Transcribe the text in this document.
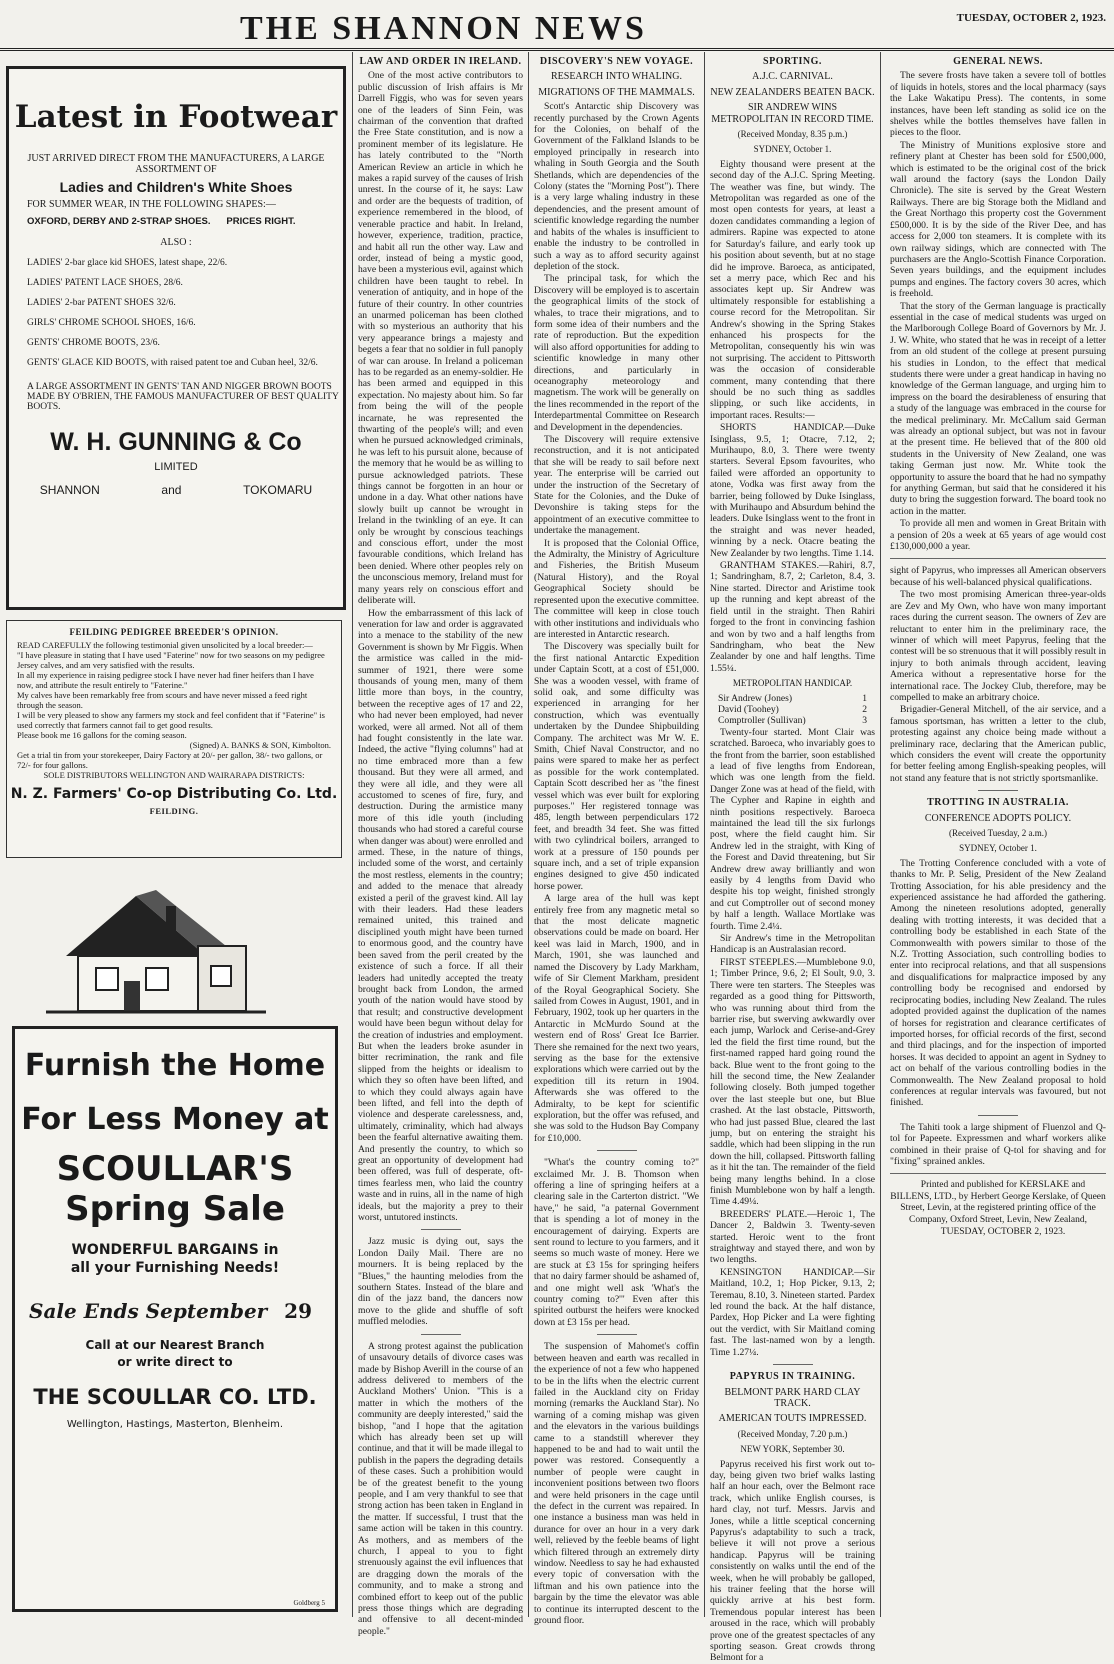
THE SHANNON NEWS	TUESDAY, OCTOBER 2, 1923.
Latest in Footwear
JUST ARRIVED DIRECT FROM THE MANUFACTURERS, A LARGE ASSORTMENT OF
Ladies and Children's White Shoes
FOR SUMMER WEAR, IN THE FOLLOWING SHAPES:—
OXFORD, DERBY AND 2-STRAP SHOES. PRICES RIGHT.
ALSO :
LADIES' 2-bar glace kid SHOES, latest shape, 22/6.
LADIES' PATENT LACE SHOES, 28/6.
LADIES' 2-bar PATENT SHOES 32/6.
GIRLS' CHROME SCHOOL SHOES, 16/6.
GENTS' CHROME BOOTS, 23/6.
GENTS' GLACE KID BOOTS, with raised patent toe and Cuban heel, 32/6.
A LARGE ASSORTMENT IN GENTS' TAN AND NIGGER BROWN BOOTS MADE BY O'BRIEN, THE FAMOUS MANUFACTURER OF BEST QUALITY BOOTS.
W. H. GUNNING & Co
LIMITED
SHANNON	and	TOKOMARU
FEILDING PEDIGREE BREEDER'S OPINION.

READ CAREFULLY the following testimonial given unsolicited by a local breeder:—

"I have pleasure in stating that I have used "Faterine" now for two seasons on my pedigree Jersey calves, and am very satisfied with the results.

In all my experience in raising pedigree stock I have never had finer heifers than I have now, and attribute the result entirely to "Faterine."

My calves have been remarkably free from scours and have never missed a feed right through the season.

I will be very pleased to show any farmers my stock and feel confident that if "Faterine" is used correctly that farmers cannot fail to get good results.

Please book me 16 gallons for the coming season.

(Signed) A. BANKS & SON, Kimbolton.

Get a trial tin from your storekeeper, Dairy Factory at 20/- per gallon, 38/- two gallons, or 72/- for four gallons.

SOLE DISTRIBUTORS WELLINGTON AND WAIRARAPA DISTRICTS:

N. Z. Farmers' Co-op Distributing Co. Ltd.
FEILDING.
Furnish the Home
For Less Money at
SCOULLAR'S
Spring Sale
WONDERFUL BARGAINS in
all your Furnishing Needs!
Sale Ends September 29
Call at our Nearest Branch
or write direct to
THE SCOULLAR CO. LTD.
Wellington, Hastings, Masterton, Blenheim.
Goldberg 5
LAW AND ORDER IN IRELAND.

One of the most active contributors to public discussion of Irish affairs is Mr Darrell Figgis, who was for seven years one of the leaders of Sinn Fein, was chairman of the convention that drafted the Free State constitution, and is now a prominent member of its legislature. He has lately contributed to the "North American Review an article in which he makes a rapid survey of the causes of Irish unrest. In the course of it, he says: Law and order are the bequests of tradition, of experience remembered in the blood, of venerable practice and habit. In Ireland, however, experience, tradition, practice, and habit all run the other way. Law and order, instead of being a mystic good, have been a mysterious evil, against which children have been taught to rebel. In veneration of antiquity, and in hope of the future of their country. In other countries an unarmed policeman has been clothed with so mysterious an authority that his very appearance brings a majesty and begets a fear that no soldier in full panoply of war can arouse. In Ireland a policeman has to be regarded as an enemy-soldier. He has been armed and equipped in this expectation. No majesty about him. So far from being the will of the people incarnate, he was represented the thwarting of the people's will; and even when he pursued acknowledged criminals, he was left to his pursuit alone, because of the memory that he would be as willing to pursue acknowledged patriots. These things cannot be forgotten in an hour or undone in a day. What other nations have slowly built up cannot be wrought in Ireland in the twinkling of an eye. It can only be wrought by conscious teachings and conscious effort, under the most favourable conditions, which Ireland has been denied. Where other peoples rely on the unconscious memory, Ireland must for many years rely on conscious effort and deliberate will.

How the embarrassment of this lack of veneration for law and order is aggravated into a menace to the stability of the new Government is shown by Mr Figgis. When the armistice was called in the mid-summer of 1921, there were some thousands of young men, many of them little more than boys, in the country, between the receptive ages of 17 and 22, who had never been employed, had never worked, were all armed. Not all of them had fought consistently in the late war. Indeed, the active "flying columns" had at no time embraced more than a few thousand. But they were all armed, and they were all idle, and they were all accustomed to scenes of fire, fury, and destruction. During the armistice many more of this idle youth (including thousands who had stored a careful course when danger was about) were enrolled and armed. These, in the nature of things, included some of the worst, and certainly the most restless, elements in the country; and added to the menace that already existed a peril of the gravest kind. All lay with their leaders. Had these leaders remained united, this trained and disciplined youth might have been turned to enormous good, and the country have been saved from the peril created by the existence of such a force. If all their leaders had unitedly accepted the treaty brought back from London, the armed youth of the nation would have stood by that result; and constructive development would have been begun without delay for the creation of industries and employment. But when the leaders broke asunder in bitter recrimination, the rank and file slipped from the heights or idealism to which they so often have been lifted, and to which they could always again have been lifted, and fell into the depth of violence and desperate carelessness, and, ultimately, criminality, which had always been the fearful alternative awaiting them. And presently the country, to which so great an opportunity of development had been offered, was full of desperate, oft-times fearless men, who laid the country waste and in ruins, all in the name of high ideals, but the majority a prey to their worst, untutored instincts.

Jazz music is dying out, says the London Daily Mail. There are no mourners. It is being replaced by the "Blues," the haunting melodies from the southern States. Instead of the blare and din of the jazz band, the dancers now move to the glide and shuffle of soft muffled melodies.

A strong protest against the publication of unsavoury details of divorce cases was made by Bishop Averill in the course of an address delivered to members of the Auckland Mothers' Union. "This is a matter in which the mothers of the community are deeply interested," said the bishop, "and I hope that the agitation which has already been set up will continue, and that it will be made illegal to publish in the papers the degrading details of these cases. Such a prohibition would be of the greatest benefit to the young people, and I am very thankful to see that strong action has been taken in England in the matter. If successful, I trust that the same action will be taken in this country. As mothers, and as members of the church, I appeal to you to fight strenuously against the evil influences that are dragging down the morals of the community, and to make a strong and combined effort to keep out of the public press those things which are degrading and offensive to all decent-minded people."

DISCOVERY'S NEW VOYAGE.
RESEARCH INTO WHALING.
MIGRATIONS OF THE MAMMALS.

Scott's Antarctic ship Discovery was recently purchased by the Crown Agents for the Colonies, on behalf of the Government of the Falkland Islands to be employed principally in research into whaling in South Georgia and the South Shetlands, which are dependencies of the Colony (states the "Morning Post"). There is a very large whaling industry in these dependencies, and the present amount of scientific knowledge regarding the number and habits of the whales is insufficient to enable the industry to be controlled in such a way as to afford security against depletion of the stock.

The principal task, for which the Discovery will be employed is to ascertain the geographical limits of the stock of whales, to trace their migrations, and to form some idea of their numbers and the rate of reproduction. But the expedition will also afford opportunities for adding to scientific knowledge in many other directions, and particularly in oceanography meteorology and magnetism. The work will be generally on the lines recommended in the report of the Interdepartmental Committee on Research and Development in the dependencies.

The Discovery will require extensive reconstruction, and it is not anticipated that she will be ready to sail before next year. The enterprise will be carried out under the instruction of the Secretary of State for the Colonies, and the Duke of Devonshire is taking steps for the appointment of an executive committee to undertake the management.

It is proposed that the Colonial Office, the Admiralty, the Ministry of Agriculture and Fisheries, the British Museum (Natural History), and the Royal Geographical Society should be represented upon the executive committee. The committee will keep in close touch with other institutions and individuals who are interested in Antarctic research.

The Discovery was specially built for the first national Antarctic Expedition under Captain Scott, at a cost of £51,000. She was a wooden vessel, with frame of solid oak, and some difficulty was experienced in arranging for her construction, which was eventually undertaken by the Dundee Shipbuilding Company. The architect was Mr W. E. Smith, Chief Naval Constructor, and no pains were spared to make her as perfect as possible for the work contemplated. Captain Scott described her as "the finest vessel which was ever built for exploring purposes." Her registered tonnage was 485, length between perpendiculars 172 feet, and breadth 34 feet. She was fitted with two cylindrical boilers, arranged to work at a pressure of 150 pounds per square inch, and a set of triple expansion engines designed to give 450 indicated horse power.

A large area of the hull was kept entirely free from any magnetic metal so that the most delicate magnetic observations could be made on board. Her keel was laid in March, 1900, and in March, 1901, she was launched and named the Discovery by Lady Markham, wife of Sir Clement Markham, president of the Royal Geographical Society. She sailed from Cowes in August, 1901, and in February, 1902, took up her quarters in the Antarctic in McMurdo Sound at the western end of Ross' Great Ice Barrier. There she remained for the next two years, serving as the base for the extensive explorations which were carried out by the expedition till its return in 1904. Afterwards she was offered to the Admiralty, to be kept for scientific exploration, but the offer was refused, and she was sold to the Hudson Bay Company for £10,000.

"What's the country coming to?" exclaimed Mr. J. B. Thomson when offering a line of springing heifers at a clearing sale in the Carterton district. "We have," he said, "a paternal Government that is spending a lot of money in the encouragement of dairying. Experts are sent round to lecture to you farmers, and it seems so much waste of money. Here we are stuck at £3 15s for springing heifers that no dairy farmer should be ashamed of, and one might well ask 'What's the country coming to?'" Even after this spirited outburst the heifers were knocked down at £3 15s per head.

The suspension of Mahomet's coffin between heaven and earth was recalled in the experience of not a few who happened to be in the lifts when the electric current failed in the Auckland city on Friday morning (remarks the Auckland Star). No warning of a coming mishap was given and the elevators in the various buildings came to a standstill wherever they happened to be and had to wait until the power was restored. Consequently a number of people were caught in inconvenient positions between two floors and were held prisoners in the cage until the defect in the current was repaired. In one instance a business man was held in durance for over an hour in a very dark well, relieved by the feeble beams of light which filtered through an extremely dirty window. Needless to say he had exhausted every topic of conversation with the liftman and his own patience into the bargain by the time the elevator was able to continue its interrupted descent to the ground floor.

SPORTING.
A.J.C. CARNIVAL.
NEW ZEALANDERS BEATEN BACK.
SIR ANDREW WINS METROPOLITAN IN RECORD TIME.
(Received Monday, 8.35 p.m.)
SYDNEY, October 1.

Eighty thousand were present at the second day of the A.J.C. Spring Meeting. The weather was fine, but windy. The Metropolitan was regarded as one of the most open contests for years, at least a dozen candidates commanding a legion of admirers. Rapine was expected to atone for Saturday's failure, and early took up his position about seventh, but at no stage did he improve. Baroeca, as anticipated, set a merry pace, which Rec and his associates kept up. Sir Andrew was ultimately responsible for establishing a course record for the Metropolitan. Sir Andrew's showing in the Spring Stakes enhanced his prospects for the Metropolitan, consequently his win was not surprising. The accident to Pittsworth was the occasion of considerable comment, many contending that there should be no such thing as saddles slipping, or such like accidents, in important races. Results:—

SHORTS HANDICAP.—Duke Isinglass, 9.5, 1; Otacre, 7.12, 2; Murihaupo, 8.0, 3. There were twenty starters. Several Epsom favourites, who failed were afforded an opportunity to atone, Vodka was first away from the barrier, being followed by Duke Isinglass, with Murihaupo and Absurdum behind the leaders. Duke Isinglass went to the front in the straight and was never headed, winning by a neck. Otacre beating the New Zealander by two lengths. Time 1.14.

GRANTHAM STAKES.—Rahiri, 8.7, 1; Sandringham, 8.7, 2; Carleton, 8.4, 3. Nine started. Director and Aristime took up the running and kept abreast of the field until in the straight. Then Rahiri forged to the front in convincing fashion and won by two and a half lengths from Sandringham, who beat the New Zealander by one and half lengths. Time 1.55¼.

METROPOLITAN HANDICAP.
Sir Andrew (Jones)	1
David (Toohey)	2
Comptroller (Sullivan)	3

Twenty-four started. Mont Clair was scratched. Baroeca, who invariably goes to the front from the barrier, soon established a lead of five lengths from Endorean, which was one length from the field. Danger Zone was at head of the field, with The Cypher and Rapine in eighth and ninth positions respectively. Baroeca maintained the lead till the six furlongs post, where the field caught him. Sir Andrew led in the straight, with King of the Forest and David threatening, but Sir Andrew drew away brilliantly and won easily by 4 lengths from David who despite his top weight, finished strongly and cut Comptroller out of second money by half a length. Wallace Mortlake was fourth. Time 2.4¼.

Sir Andrew's time in the Metropolitan Handicap is an Australasian record.

FIRST STEEPLES.—Mumblebone 9.0, 1; Timber Prince, 9.6, 2; El Soult, 9.0, 3. There were ten starters. The Steeples was regarded as a good thing for Pittsworth, who was running about third from the barrier rise, but swerving awkwardly over each jump, Warlock and Cerise-and-Grey led the field the first time round, but the first-named rapped hard going round the back. Blue went to the front going to the hill the second time, the New Zealander following closely. Both jumped together over the last steeple but one, but Blue crashed. At the last obstacle, Pittsworth, who had just passed Blue, cleared the last jump, but on entering the straight his saddle, which had been slipping in the run down the hill, collapsed. Pittsworth falling as it hit the tan. The remainder of the field being many lengths behind. In a close finish Mumblebone won by half a length. Time 4.49¼.

BREEDERS' PLATE.—Heroic 1, The Dancer 2, Baldwin 3. Twenty-seven started. Heroic went to the front straightway and stayed there, and won by two lengths.

KENSINGTON HANDICAP.—Sir Maitland, 10.2, 1; Hop Picker, 9.13, 2; Teremau, 8.10, 3. Nineteen started. Pardex led round the back. At the half distance, Pardex, Hop Picker and La were fighting out the verdict, with Sir Maitland coming fast. The last-named won by a length. Time 1.27¼.

PAPYRUS IN TRAINING.
BELMONT PARK HARD CLAY TRACK.
AMERICAN TOUTS IMPRESSED.
(Received Monday, 7.20 p.m.)
NEW YORK, September 30.

Papyrus received his first work out to-day, being given two brief walks lasting half an hour each, over the Belmont race track, which unlike English courses, is hard clay, not turf. Messrs. Jarvis and Jones, while a little sceptical concerning Papyrus's adaptability to such a track, believe it will not prove a serious handicap. Papyrus will be training consistently on walks until the end of the week, when he will probably be galloped, his trainer feeling that the horse will quickly arrive at his best form. Tremendous popular interest has been aroused in the race, which will probably prove one of the greatest spectacles of any sporting season. Great crowds throng Belmont for a

GENERAL NEWS.

The severe frosts have taken a severe toll of bottles of liquids in hotels, stores and the local pharmacy (says the Lake Wakatipu Press). The contents, in some instances, have been left standing as solid ice on the shelves while the bottles themselves have fallen in pieces to the floor.

The Ministry of Munitions explosive store and refinery plant at Chester has been sold for £500,000, which is estimated to be the original cost of the brick wall around the factory (says the London Daily Chronicle). The site is served by the Great Western Railways. There are big Storage both the Midland and the Great Northago this property cost the Government £500,000. It is by the side of the River Dee, and has access for 2,000 ton steamers. It is complete with its own railway sidings, which are connected with The purchasers are the Anglo-Scottish Finance Corporation. Seven years buildings, and the equipment includes pumps and engines. The factory covers 30 acres, which is freehold.

That the story of the German language is practically essential in the case of medical students was urged on the Marlborough College Board of Governors by Mr. J. J. W. White, who stated that he was in receipt of a letter from an old student of the college at present pursuing his studies in London, to the effect that medical students there were under a great handicap in having no knowledge of the German language, and urging him to impress on the board the desirableness of ensuring that a study of the language was embraced in the course for the medical preliminary. Mr. McCallum said German was already an optional subject, but was not in favour at the present time. He believed that of the 800 old students in the University of New Zealand, one was taking German just now. Mr. White took the opportunity to assure the board that he had no sympathy for anything German, but said that he considered it his duty to bring the suggestion forward. The board took no action in the matter.

To provide all men and women in Great Britain with a pension of 20s a week at 65 years of age would cost £130,000,000 a year.

sight of Papyrus, who impresses all American observers because of his well-balanced physical qualifications.

The two most promising American three-year-olds are Zev and My Own, who have won many important races during the current season. The owners of Zev are reluctant to enter him in the preliminary race, the winner of which will meet Papyrus, feeling that the contest will be so strenuous that it will possibly result in injury to both animals through accident, leaving America without a representative horse for the international race. The Jockey Club, therefore, may be compelled to make an arbitrary choice.

Brigadier-General Mitchell, of the air service, and a famous sportsman, has written a letter to the club, protesting against any choice being made without a preliminary race, declaring that the American public, which considers the event will create the opportunity for better feeling among English-speaking peoples, will not stand any feature that is not strictly sportsmanlike.

TROTTING IN AUSTRALIA.
CONFERENCE ADOPTS POLICY.
(Received Tuesday, 2 a.m.)
SYDNEY, October 1.

The Trotting Conference concluded with a vote of thanks to Mr. P. Selig, President of the New Zealand Trotting Association, for his able presidency and the experienced assistance he had afforded the gathering. Among the nineteen resolutions adopted, generally dealing with trotting interests, it was decided that a controlling body be established in each State of the Commonwealth with powers similar to those of the N.Z. Trotting Association, such controlling bodies to enter into reciprocal relations, and that all suspensions and disqualifications for malpractice imposed by any controlling body be recognised and endorsed by reciprocating bodies, including New Zealand. The rules adopted provided against the duplication of the names of horses for registration and clearance certificates of imported horses, for official records of the first, second and third placings, and for the inspection of imported horses. It was decided to appoint an agent in Sydney to act on behalf of the various controlling bodies in the Commonwealth. The New Zealand proposal to hold conferences at regular intervals was favoured, but not finished.

The Tahiti took a large shipment of Fluenzol and Q-tol for Papeete. Expressmen and wharf workers alike combined in their praise of Q-tol for shaving and for "fixing" sprained ankles.

Printed and published for KERSLAKE and BILLENS, LTD., by Herbert George Kerslake, of Queen Street, Levin, at the registered printing office of the Company, Oxford Street, Levin, New Zealand,

TUESDAY, OCTOBER 2, 1923.
